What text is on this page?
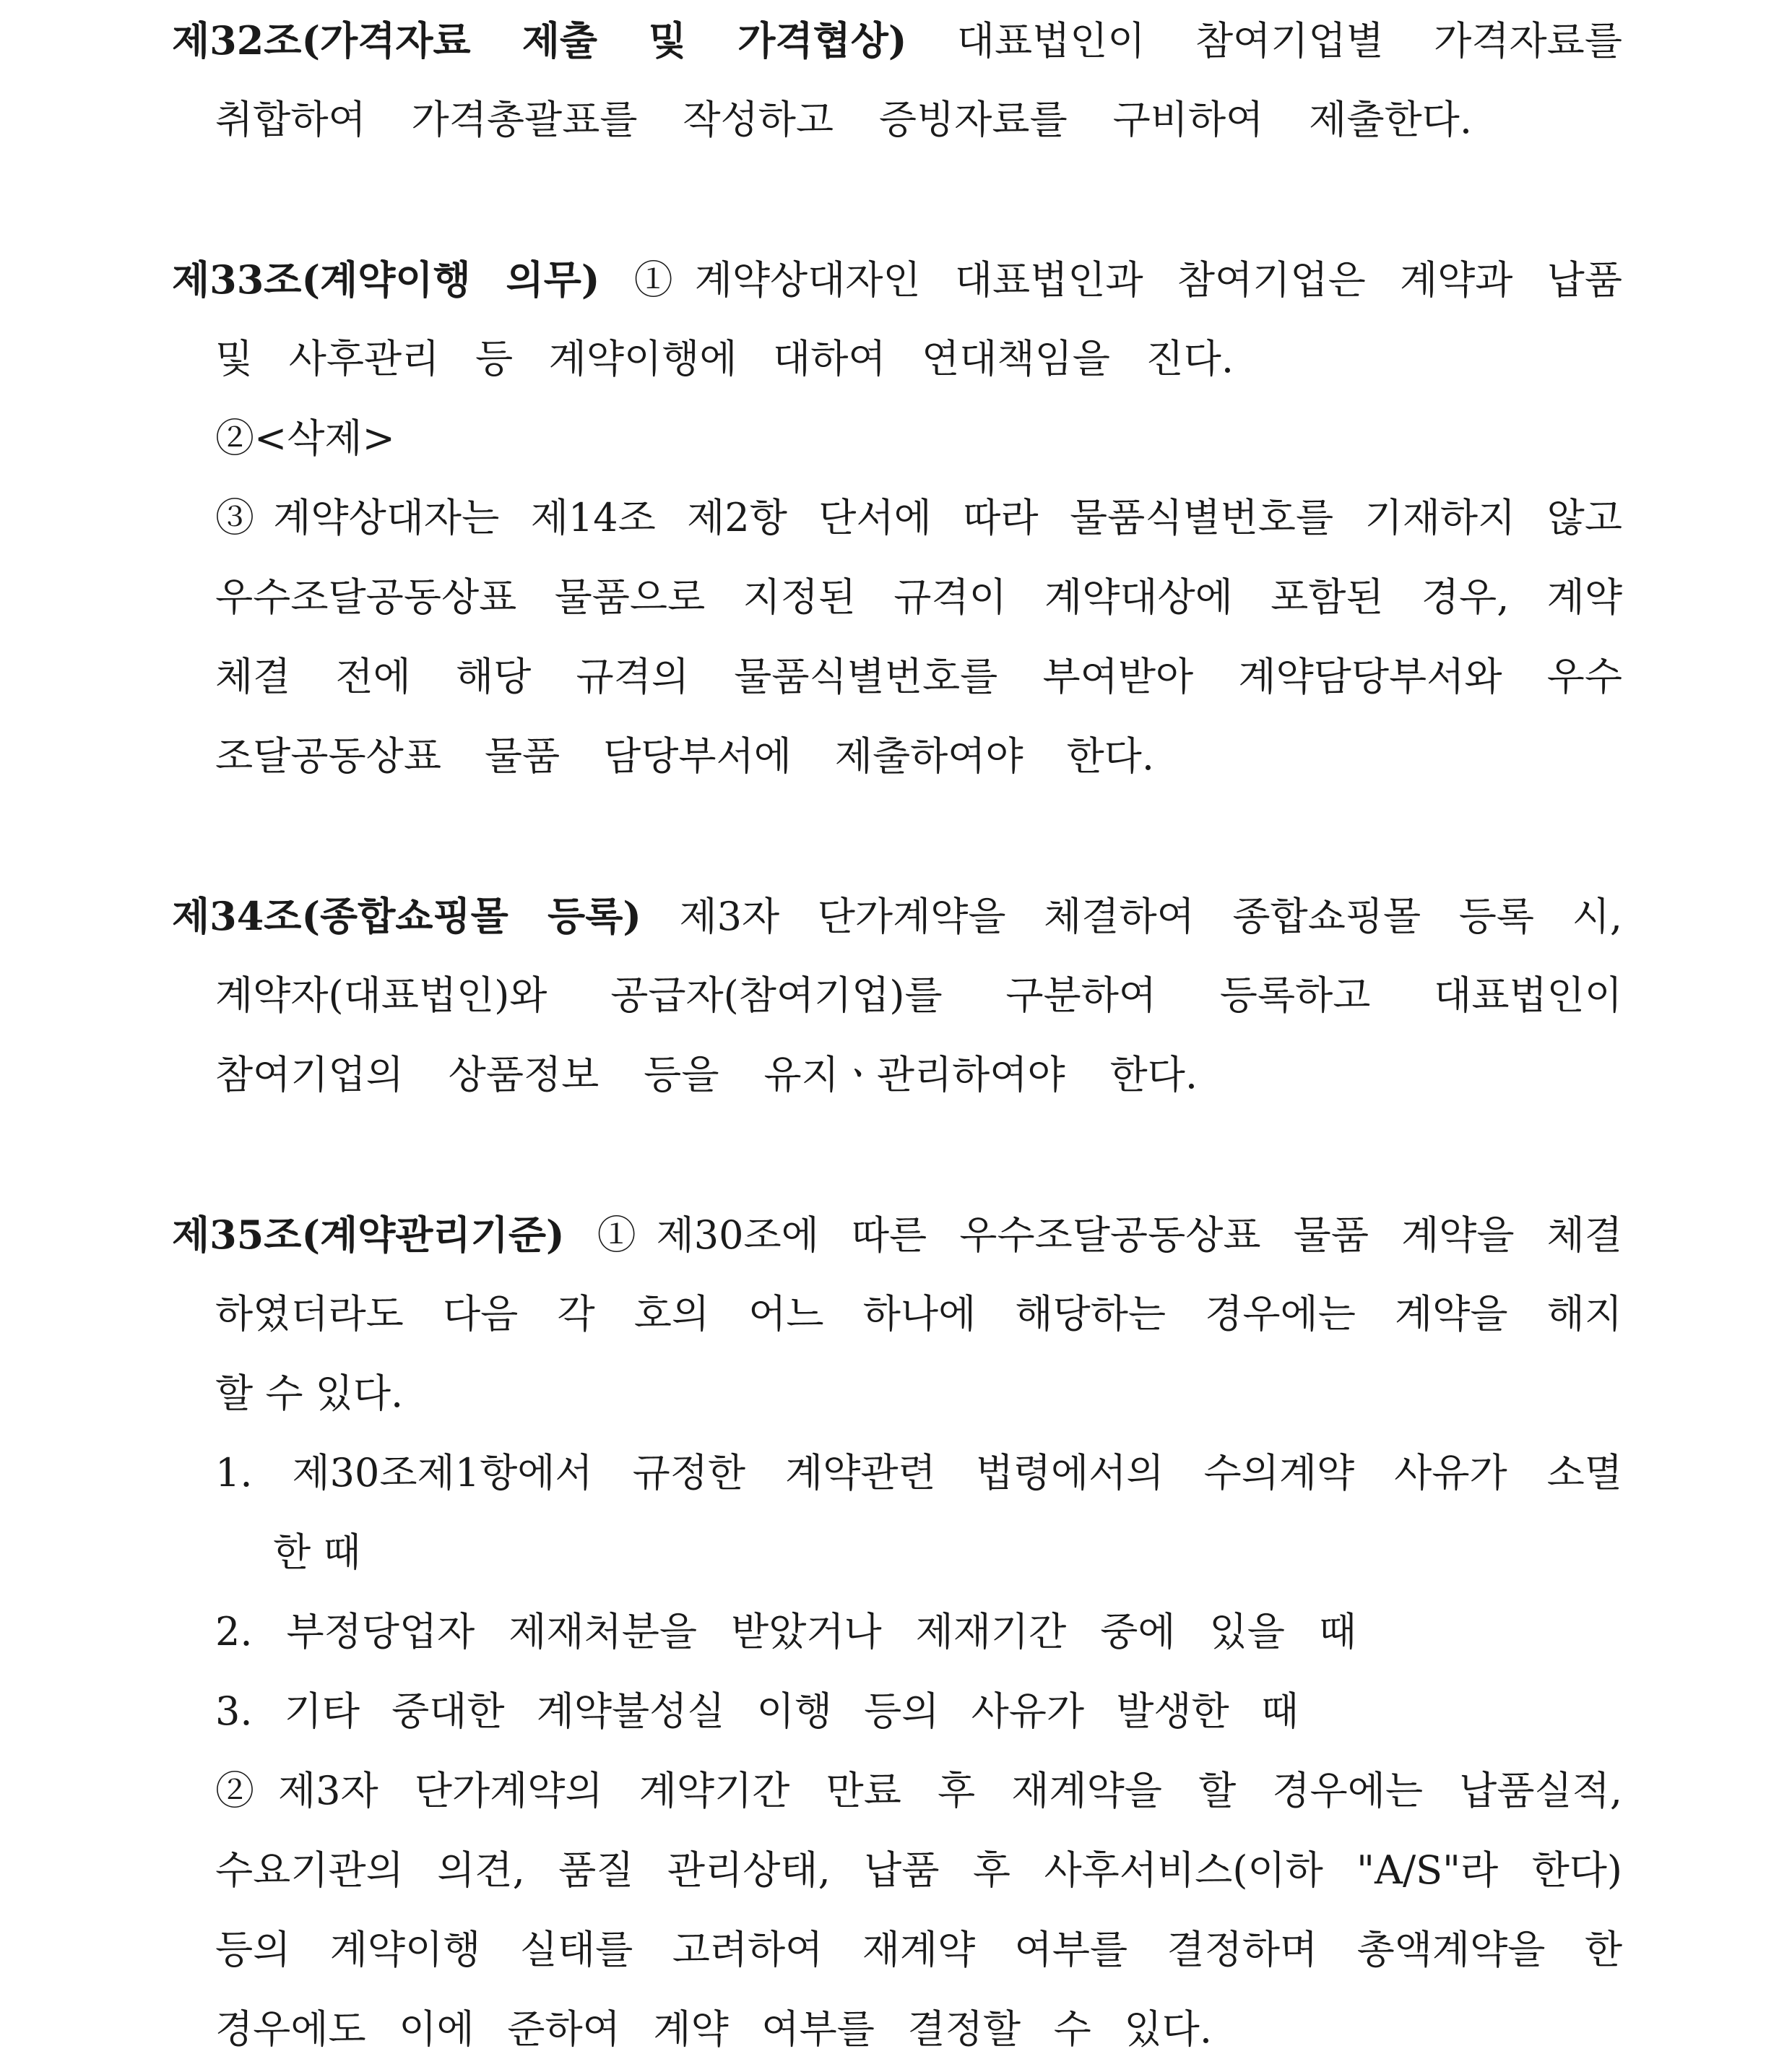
제32조(가격자료 제출 및 가격협상) 대표법인이 참여기업별 가격자료를
취합하여 가격총괄표를 작성하고 증빙자료를 구비하여 제출한다.
제33조(계약이행 의무) ①계약상대자인 대표법인과 참여기업은 계약과 납품
및 사후관리 등 계약이행에 대하여 연대책임을 진다.
②<삭제>
③계약상대자는 제14조 제2항 단서에 따라 물품식별번호를 기재하지 않고
우수조달공동상표 물품으로 지정된 규격이 계약대상에 포함된 경우, 계약
체결 전에 해당 규격의 물품식별번호를 부여받아 계약담당부서와 우수
조달공동상표 물품 담당부서에 제출하여야 한다.
제34조(종합쇼핑몰 등록) 제3자 단가계약을 체결하여 종합쇼핑몰 등록 시,
계약자(대표법인)와 공급자(참여기업)를 구분하여 등록하고 대표법인이
참여기업의 상품정보 등을 유지ㆍ관리하여야 한다.
제35조(계약관리기준) ①제30조에 따른 우수조달공동상표 물품 계약을 체결
하였더라도 다음 각 호의 어느 하나에 해당하는 경우에는 계약을 해지
할 수 있다.
1. 제30조제1항에서 규정한 계약관련 법령에서의 수의계약 사유가 소멸
한 때
2. 부정당업자 제재처분을 받았거나 제재기간 중에 있을 때
3. 기타 중대한 계약불성실 이행 등의 사유가 발생한 때
②제3자 단가계약의 계약기간 만료 후 재계약을 할 경우에는 납품실적,
수요기관의 의견, 품질 관리상태, 납품 후 사후서비스(이하 "A/S"라 한다)
등의 계약이행 실태를 고려하여 재계약 여부를 결정하며 총액계약을 한
경우에도 이에 준하여 계약 여부를 결정할 수 있다.
